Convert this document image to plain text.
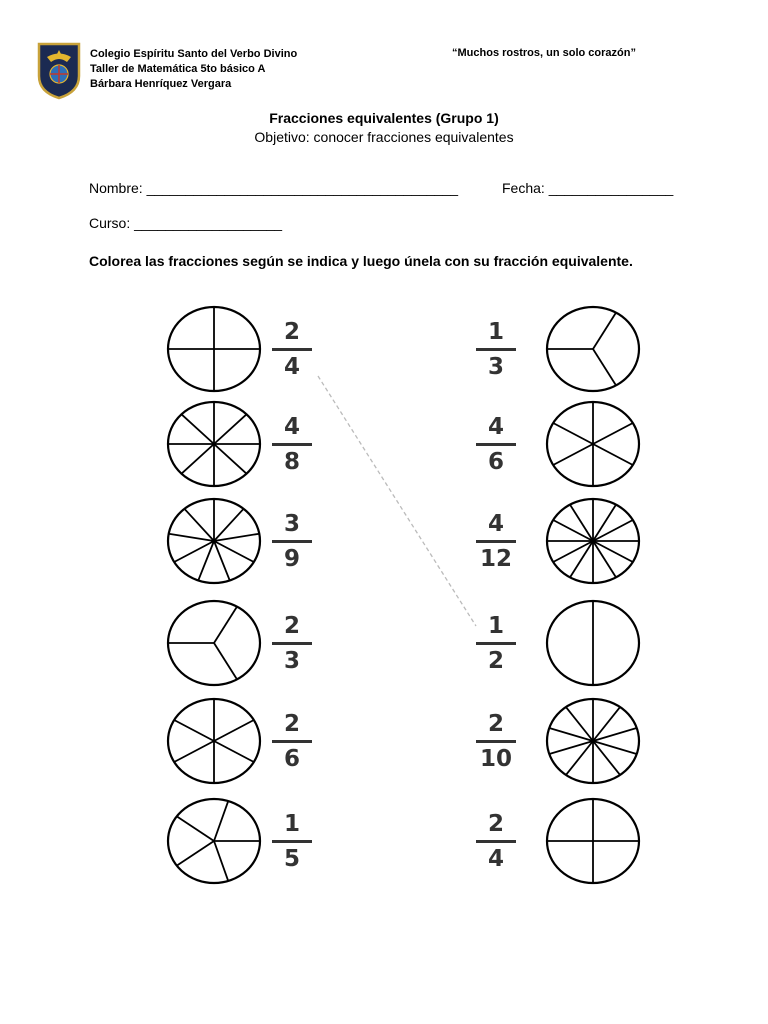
Colegio Espíritu Santo del Verbo Divino
Taller de Matemática 5to básico A
Bárbara Henríquez Vergara
“Muchos rostros, un solo corazón”
Fracciones equivalentes (Grupo 1)
Objetivo: conocer fracciones equivalentes
Nombre: ________________________________________	Fecha: ________________
Curso: ___________________
Colorea las fracciones según se indica y luego únela con su fracción equivalente.
2
4
4
8
3
9
2
3
2
6
1
5
1
3
4
6
4
12
1
2
2
10
2
4
